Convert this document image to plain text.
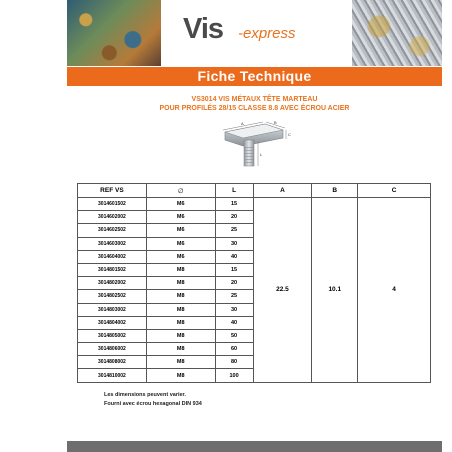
Vis -express
Fiche Technique
VS3014 VIS MÉTAUX TÊTE MARTEAU
POUR PROFILÉS 28/15 CLASSE 8.8 AVEC ÉCROU ACIER
A	B
C
L
REF VS	∅	L	A	B	C
3014601502	M6	15	22.5	10.1	4
3014602002	M6	20			
3014602502	M6	25			
3014603002	M6	30			
3014604002	M6	40			
3014801502	M8	15			
3014802002	M8	20			
3014802502	M8	25			
3014803002	M8	30			
3014804002	M8	40			
3014805002	M8	50			
3014806002	M8	60			
3014808002	M8	80			
3014810002	M8	100			
Les dimensions peuvent varier.
Fourni avec écrou hexagonal DIN 934
